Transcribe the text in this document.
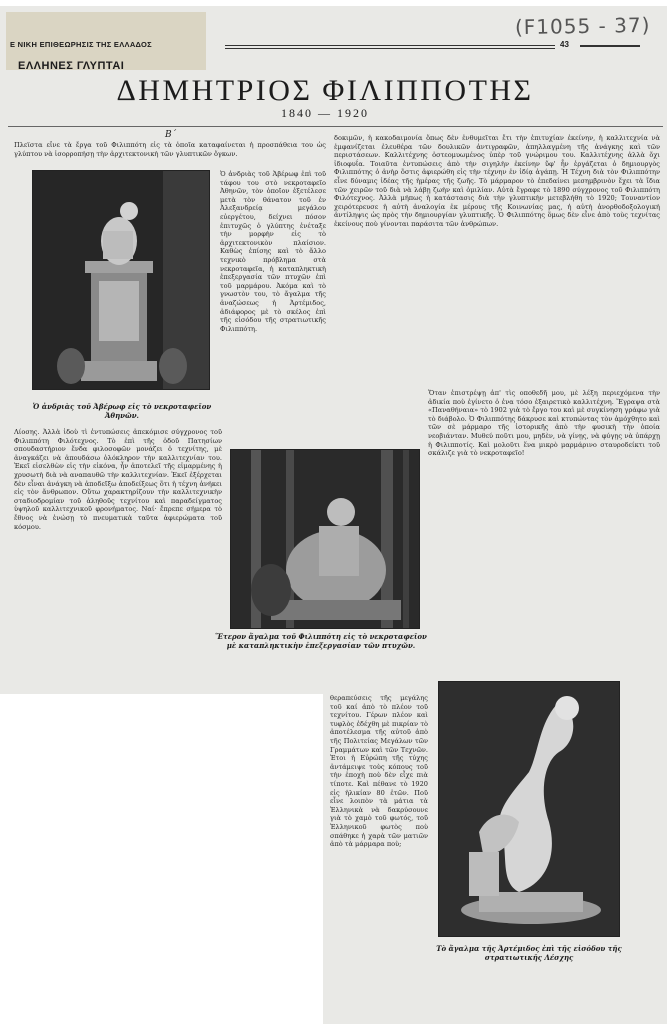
Ε ΝΙΚΗ ΕΠΙΘΕΩΡΗΣΙΣ ΤΗΣ ΕΛΛΑΔΟΣ	43
(F1055 - 37)
ΕΛΛΗΝΕΣ ΓΛΥΠΤΑΙ
ΔΗΜΗΤΡΙΟΣ ΦΙΛΙΠΠΟΤΗΣ
1840 — 1920
Β΄

Πλεϊστα εἶνε τὰ ἔργα τοῦ Φιλιππότη εἰς τὰ ὁποῖα καταφαίνεται ἡ προσπάθεια του ὡς γλύπτου νὰ ἰσορροπήσῃ τὴν ἀρχιτεκτονικὴ τῶν γλυπτικῶν ὄγκων.

Ὁ ἀνδριὰς τοῦ Ἀβέρωφ ἐπὶ τοῦ τάφου του στὸ νεκροταφεῖο Ἀθηνῶν, τὸν ὁποῖον ἐξετέλεσε μετὰ τὸν θάνατον τοῦ ἐν Ἀλεξανδρείᾳ μεγάλου εὐεργέτου, δείχνει πόσον ἐπιτυχῶς ὁ γλύπτης ἐνέταξε τὴν μορφὴν εἰς τὸ ἀρχιτεκτονικὸν πλαίσιον. Καθὼς ἐπίσης καὶ τὸ ἄλλο τεχνικὸ πρόβλημα στὰ νεκροταφεῖα, ἡ καταπληκτικὴ ἐπεξεργασία τῶν πτυχῶν ἐπὶ τοῦ μαρμάρου. Ἀκόμα καὶ τὸ γνωστὸν του, τὸ ἄγαλμα τῆς ἀναζώσεως ἡ Ἀρτέμιδος, ἀδιάφορος μὲ τὸ σκέλος ἐπὶ τῆς εἰσόδου τῆς στρατιωτικῆς Φιλιππότη.

Ὁ ἀνδριὰς τοῦ Ἀβέρωφ εἰς τὸ νεκροταφεῖον Ἀθηνῶν.

δοκιμῶν, ἡ κακοδαιμονία ὅπως δὲν ἐνθυμεῖται ἔτι τὴν ἐπιτυχίαν ἐκείνην, ἡ καλλιτεχνία νὰ ἐμφανίζεται ἐλευθέρα τῶν δουλικῶν ἀντιγραφῶν, ἀπηλλαγμένη τῆς ἀνάγκης καὶ τῶν περιστάσεων. Καλλιτέχνης ὀστεομυωμένος ὑπὲρ τοῦ γνώριμου του. Καλλιτέχνης ἀλλὰ ὄχι ἰδιοφυΐα. Τοιαῦτα ἐντυπώσεις ἀπὸ τὴν σιγηλὴν ἐκείνην ὕφ' ἦν ἐργάζεται ὁ δημιουργὸς Φιλιππότης ὁ ἀνὴρ ὅστις ἀφιερώθη εἰς τὴν τέχνην ἐν ἰδίᾳ ἀγάπῃ. Ἡ Τέχνη διὰ τὸν Φιλιππότην εἶνε δύναμις ἰδέας τῆς ἡμέρας τῆς ζωῆς. Τὸ μάρμαρον τὸ ἐπεδαίνει μεσημβρινὸν ἔχει τὰ ἴδια τῶν χειρῶν τοῦ διὰ νὰ λάβῃ ζωὴν καὶ ὁμιλίαν. Αὐτὰ ἔγραφε τὸ 1890 σύγχρονος τοῦ Φιλιππότη Φιλότεχνος. Ἀλλὰ μήπως ἡ κατάστασις διὰ τὴν γλυπτικὴν μετεβλήθη τὸ 1920; Τουναντίον χειρότερευσε ἡ αὐτὴ ἀναλογία ἐκ μέρους τῆς Κοινωνίας μας, ἡ αὐτὴ ἀνορθοδοξολογική ἀντίληψις ὡς πρὸς τὴν δημιουργίαν γλυπτικῆς. Ὁ Φιλιππότης ὅμως δὲν εἶνε ἀπὸ τοὺς τεχνίτας ἐκείνους ποὺ γίνονται παράσιτα τῶν ἀνθρώπων.

Ὅταν ἐπιστρέψῃ ἀπ' τὶς οποθεδῆ μου, μὲ λέξη περιεχόμενα τὴν ἀδικία ποὺ ἐγίνετο ὁ ἐνα τόσο ἐξαιρετικὸ καλλιτέχνη. Ἔγραψα στὰ «Παναθήναια» τὸ 1902 γιὰ τὸ ἔργο του καὶ μὲ συγκίνηση γράφω γιὰ τὸ διάβολο. Ὁ Φιλιππότης δάκρυσε καὶ κτυπώντας τὸν ἀμόχθητο καὶ τῶν σὲ μάρμαρο τῆς ἱστορικῆς ἀπὸ τὴν φυσικὴ τὴν ὁποία νεοβιάνταν. Μυθεύ ποῦτι μου, μηδὲν, νὰ γίνῃς, νὰ φύγῃς νὰ ὑπάρχῃ ἡ Φιλιπποτίς. Καὶ μολοῦτι ἕνα μικρὸ μαρμάρινο σταυροδείκτι τοῦ σκάλιζε γιὰ τὸ νεκροταφεῖο!

Λίοσης. Ἀλλὰ ἰδοὺ τὶ ἐντυπώσεις ἀπεκόμισε σύγχρονος τοῦ Φιλιππότη Φιλότεχνος. Τὸ ἐπὶ τῆς ὁδοῦ Πατησίων σπουδαστήριον ἕνδα φιλοσοφῶν μονάζει ὁ τεχνίτης, μὲ ἀναγκάζει νὰ ἀπουδάσω ὁλόκληρον τὴν καλλιτεχνίαν του. Ἐκεῖ εἰσελθὼν εἰς τὴν εἰκόνα, ἦν ἀποτελεῖ τῆς εἰμαρμένης ἡ χρυσωτὴ διὰ νὰ αναπαυθῶ τὴν καλλιτεχνίαν. Ἐκεῖ ἐξέρχεται δὲν εἶναι ἀνάγκη νὰ ἀποδεῖξω ἀποδείξεως ὅτι ἡ τέχνη ἀνήκει εἰς τὸν ἄνθρωπον. Οὕτω χαρακτηρίζουν τὴν καλλιτεχνικὴν σταδιοδρομίαν τοῦ ἀληθοῦς τεχνίτου καὶ παραδείγματος ὑψηλοῦ καλλιτεχνικοῦ φρονήματος. Ναί· ἔπρεπε σήμερα τὸ ἔθνος νὰ ἐνώσῃ τὸ πνευματικὰ ταῦτα ἀφιερώματα τοῦ κόσμου.

Ἕτερον ἄγαλμα τοῦ Φιλιππότη εἰς τὸ νεκροταφεῖον μὲ καταπληκτικὴν ἐπεξεργασίαν τῶν πτυχῶν.

θεραπεύσεις τῆς μεγάλης τοῦ καί ἀπὸ τὸ πλέον τοῦ τεχνίτου. Γέρων πλέον καὶ τυφλὸς ἐδέχθη μὲ πικρίαν τὸ ἀποτέλεσμα τῆς αὐτοῦ ἀπὸ τῆς Πολιτείας Μεγάλων τῶν Γραμμάτων καὶ τῶν Τεχνῶν. Ἐτοι ἡ Εὐρώπη τῆς τύχης ἀντάμειψε τοὺς κόπους τοῦ τὴν ἐποχὴ ποὺ δὲν εἶχε πιὰ τίποτε. Καὶ πέθανε τὸ 1920 εἰς ἡλικίαν 80 ἐτῶν. Ποῦ εἶνε λοιπὸν τὰ μάτια τὰ Ἑλληνικὰ νὰ δακρύσουνε γιὰ τὸ χαμὸ τοῦ φωτός, τοῦ Ἑλληνικοῦ φωτὸς ποὺ σπάθηκε ἡ χαρὰ τῶν ματιῶν ἀπὸ τὰ μάρμαρα ποὺ;

Τὸ ἄγαλμα τῆς Ἀρτέμιδος ἐπὶ τῆς εἰσόδου τῆς στρατιωτικῆς Λέσχης
